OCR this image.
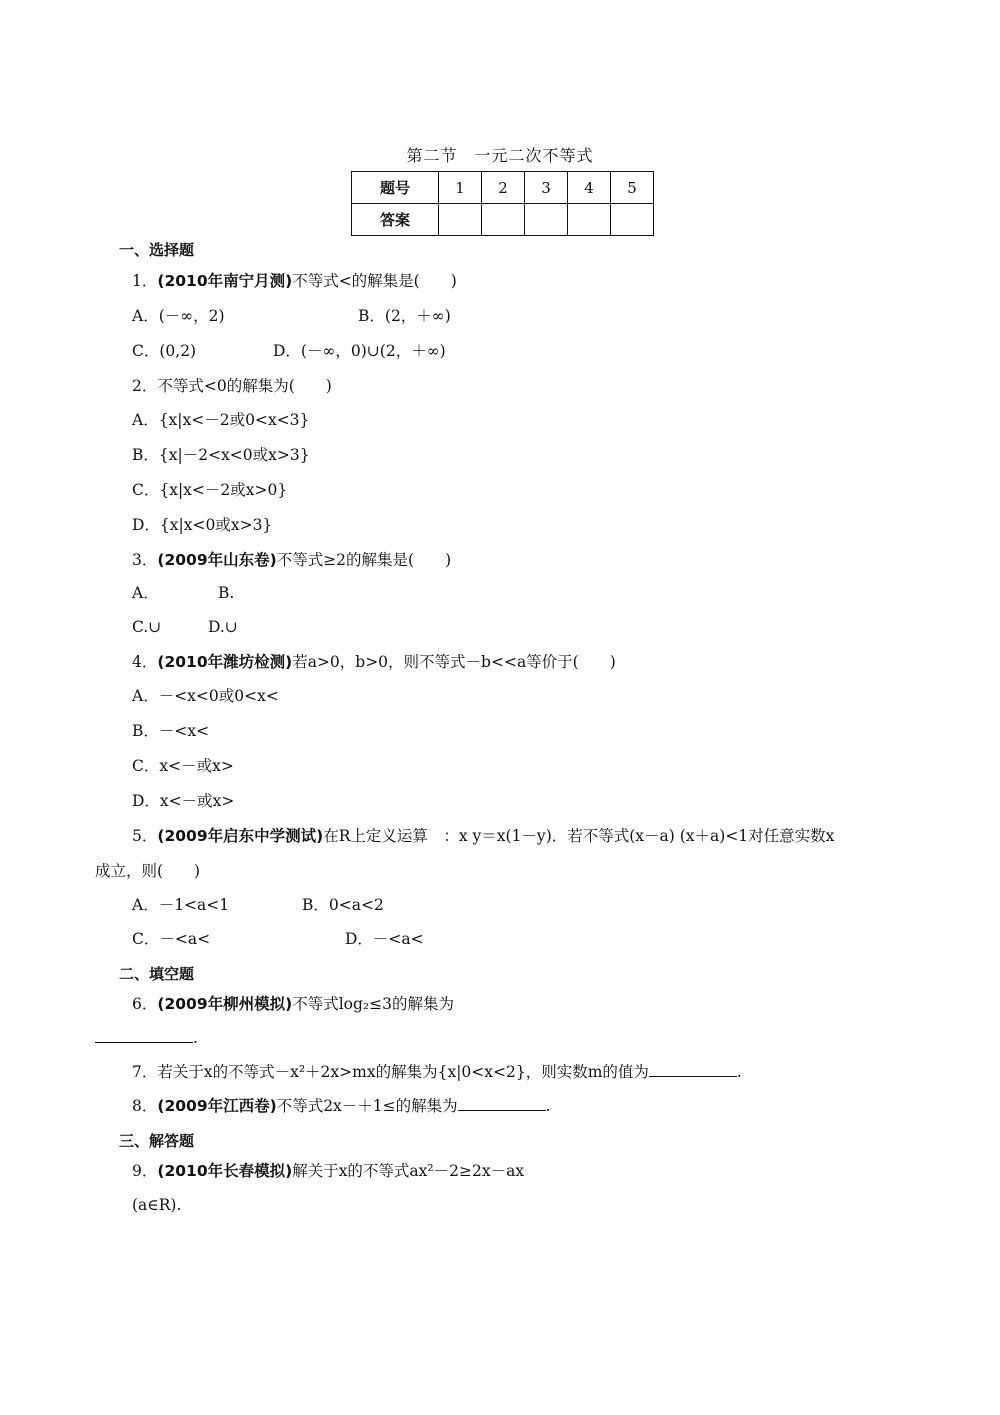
第二节　一元二次不等式
题号	1	2	3	4	5
答案					
一、选择题
1．(2010年南宁月测)不等式<的解集是(　　)
A．(－∞，2)	B．(2，＋∞)
C．(0,2)	D．(－∞，0)∪(2，＋∞)
2．不等式<0的解集为(　　)
A．{x|x<－2或0<x<3}
B．{x|－2<x<0或x>3}
C．{x|x<－2或x>0}
D．{x|x<0或x>3}
3．(2009年山东卷)不等式≥2的解集是(　　)
A．	B.
C.∪	D.∪
4．(2010年潍坊检测)若a>0，b>0，则不等式－b<<a等价于(　　)
A．－<x<0或0<x<
B．－<x<
C．x<－或x>
D．x<－或x>
5．(2009年启东中学测试)在R上定义运算　：x y＝x(1－y)．若不等式(x－a) (x＋a)<1对任意实数x
成立，则(　　)
A．－1<a<1	B．0<a<2
C．－<a<	D．－<a<
二、填空题
6．(2009年柳州模拟)不等式log₂≤3的解集为
.
7．若关于x的不等式－x²＋2x>mx的解集为{x|0<x<2}，则实数m的值为	.
8．(2009年江西卷)不等式2x－＋1≤的解集为	.
三、解答题
9．(2010年长春模拟)解关于x的不等式ax²－2≥2x－ax
(a∈R).
